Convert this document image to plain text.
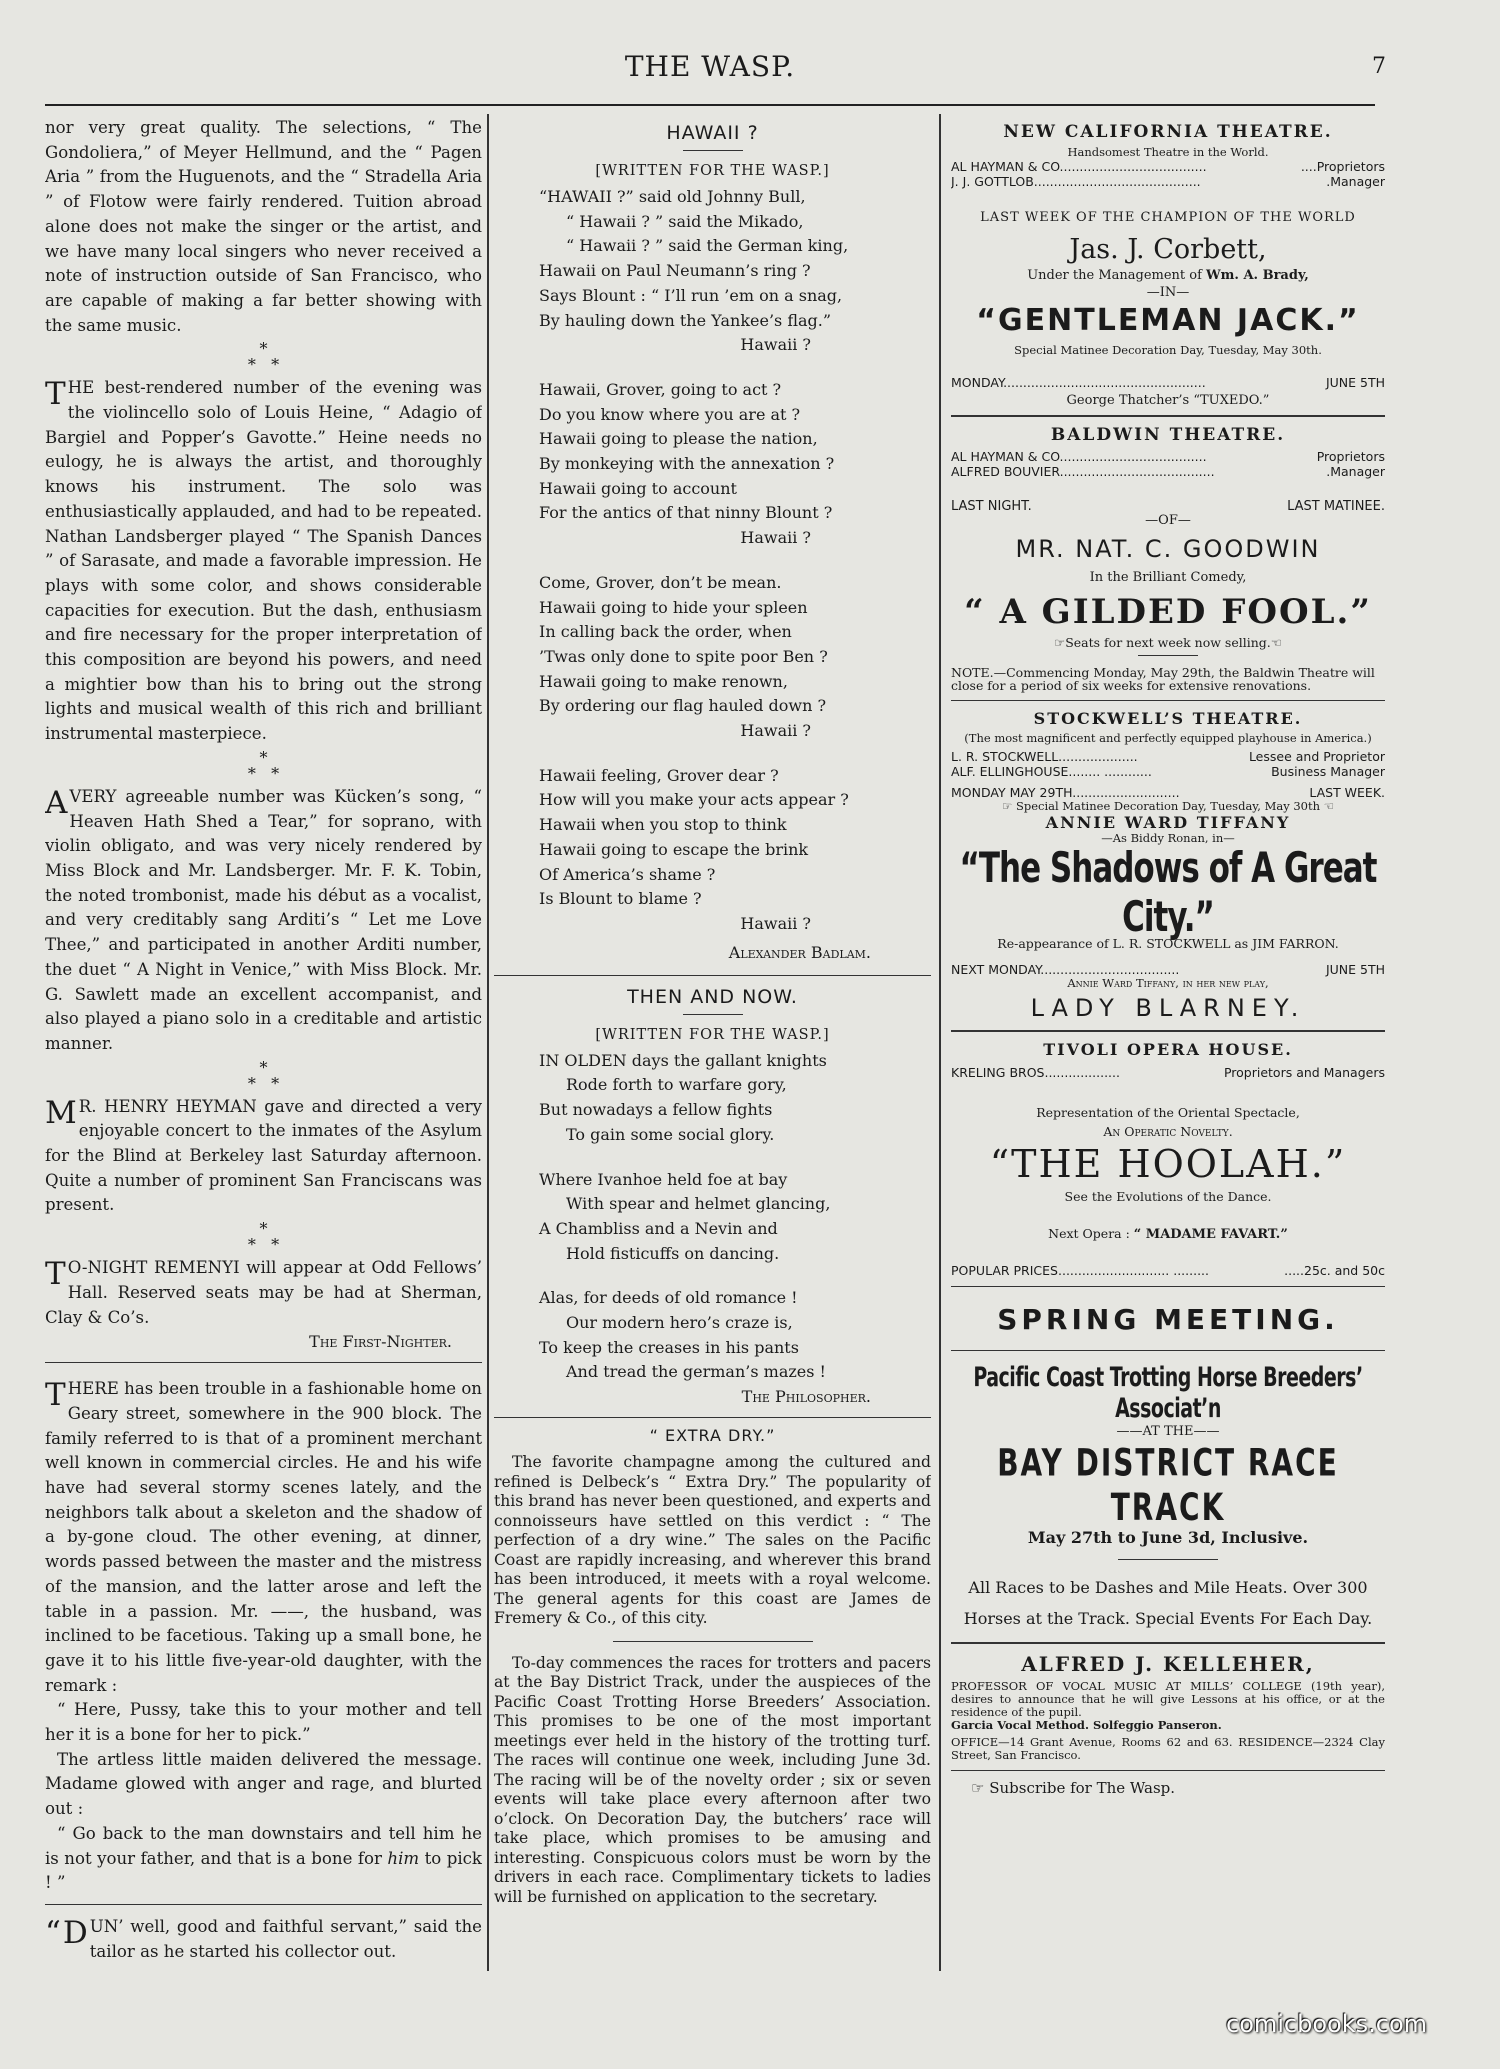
THE WASP.	7

nor very great quality. The selections, “ The Gondoliera,” of Meyer Hellmund, and the “ Pagen Aria ” from the Huguenots, and the “ Stradella Aria ” of Flotow were fairly rendered. Tuition abroad alone does not make the singer or the artist, and we have many local singers who never received a note of instruction outside of San Francisco, who are capable of making a far better showing with the same music.

*
*   *

THE best-rendered number of the evening was the violincello solo of Louis Heine, “ Adagio of Bargiel and Popper’s Gavotte.” Heine needs no eulogy, he is always the artist, and thoroughly knows his instrument. The solo was enthusiastically applauded, and had to be repeated. Nathan Landsberger played “ The Spanish Dances ” of Sarasate, and made a favorable impression. He plays with some color, and shows considerable capacities for execution. But the dash, enthusiasm and fire necessary for the proper interpretation of this composition are beyond his powers, and need a mightier bow than his to bring out the strong lights and musical wealth of this rich and brilliant instrumental masterpiece.

*
*   *

AVERY agreeable number was Kücken’s song, “ Heaven Hath Shed a Tear,” for soprano, with violin obligato, and was very nicely rendered by Miss Block and Mr. Landsberger. Mr. F. K. Tobin, the noted trombonist, made his début as a vocalist, and very creditably sang Arditi’s “ Let me Love Thee,” and participated in another Arditi number, the duet “ A Night in Venice,” with Miss Block. Mr. G. Sawlett made an excellent accompanist, and also played a piano solo in a creditable and artistic manner.

*
*   *

M R. HENRY HEYMAN gave and directed a very enjoyable concert to the inmates of the Asylum for the Blind at Berkeley last Saturday afternoon. Quite a number of prominent San Franciscans was present.

*
*   *

T O-NIGHT REMENYI will appear at Odd Fellows’ Hall. Reserved seats may be had at Sherman, Clay & Co’s.

The First-Nighter.

THERE has been trouble in a fashionable home on Geary street, somewhere in the 900 block. The family referred to is that of a prominent merchant well known in commercial circles. He and his wife have had several stormy scenes lately, and the neighbors talk about a skeleton and the shadow of a by-gone cloud. The other evening, at dinner, words passed between the master and the mistress of the mansion, and the latter arose and left the table in a passion. Mr. ——, the husband, was inclined to be facetious. Taking up a small bone, he gave it to his little five-year-old daughter, with the remark :

“ Here, Pussy, take this to your mother and tell her it is a bone for her to pick.”

The artless little maiden delivered the message. Madame glowed with anger and rage, and blurted out :

“ Go back to the man downstairs and tell him he is not your father, and that is a bone for him to pick ! ”

“ D UN’ well, good and faithful servant,” said the tailor as he started his collector out.

HAWAII ?
[WRITTEN FOR THE WASP.]
“HAWAII ?” said old Johnny Bull,
“ Hawaii ? ” said the Mikado,
“ Hawaii ? ” said the German king,
Hawaii on Paul Neumann’s ring ?
Says Blount : “ I’ll run ’em on a snag,
By hauling down the Yankee’s flag.”
Hawaii ?
Hawaii, Grover, going to act ?
Do you know where you are at ?
Hawaii going to please the nation,
By monkeying with the annexation ?
Hawaii going to account
For the antics of that ninny Blount ?
Hawaii ?
Come, Grover, don’t be mean.
Hawaii going to hide your spleen
In calling back the order, when
’Twas only done to spite poor Ben ?
Hawaii going to make renown,
By ordering our flag hauled down ?
Hawaii ?
Hawaii feeling, Grover dear ?
How will you make your acts appear ?
Hawaii when you stop to think
Hawaii going to escape the brink
Of America’s shame ?
Is Blount to blame ?
Hawaii ?
Alexander Badlam.
THEN AND NOW.
[WRITTEN FOR THE WASP.]
IN OLDEN days the gallant knights
Rode forth to warfare gory,
But nowadays a fellow fights
To gain some social glory.
Where Ivanhoe held foe at bay
With spear and helmet glancing,
A Chambliss and a Nevin and
Hold fisticuffs on dancing.
Alas, for deeds of old romance !
Our modern hero’s craze is,
To keep the creases in his pants
And tread the german’s mazes !
The Philosopher.
“ EXTRA DRY.”

The favorite champagne among the cultured and refined is Delbeck’s “ Extra Dry.” The popularity of this brand has never been questioned, and experts and connoisseurs have settled on this verdict : “ The perfection of a dry wine.” The sales on the Pacific Coast are rapidly increasing, and wherever this brand has been introduced, it meets with a royal welcome. The general agents for this coast are James de Fremery & Co., of this city.

To-day commences the races for trotters and pacers at the Bay District Track, under the auspieces of the Pacific Coast Trotting Horse Breeders’ Association. This promises to be one of the most important meetings ever held in the history of the trotting turf. The races will continue one week, including June 3d. The racing will be of the novelty order ; six or seven events will take place every afternoon after two o’clock. On Decoration Day, the butchers’ race will take place, which promises to be amusing and interesting. Conspicuous colors must be worn by the drivers in each race. Complimentary tickets to ladies will be furnished on application to the secretary.

NEW CALIFORNIA THEATRE.
Handsomest Theatre in the World.
AL HAYMAN & CO.....................................	....Proprietors
J. J. GOTTLOB..........................................	.Manager
LAST WEEK OF THE CHAMPION OF THE WORLD
Jas. J. Corbett,
Under the Management of Wm. A. Brady,
—IN—
“GENTLEMAN JACK.”
Special Matinee Decoration Day, Tuesday, May 30th.
MONDAY...................................................	JUNE 5TH
George Thatcher’s “TUXEDO.”
BALDWIN THEATRE.
AL HAYMAN & CO.....................................	Proprietors
ALFRED BOUVIER.......................................	.Manager
LAST NIGHT.	LAST MATINEE.
—OF—
MR. NAT. C. GOODWIN
In the Brilliant Comedy,
“ A GILDED FOOL.”
☞Seats for next week now selling.☜
NOTE.—Commencing Monday, May 29th, the Baldwin Theatre will close for a period of six weeks for extensive renovations.
STOCKWELL’S THEATRE.
(The most magnificent and perfectly equipped playhouse in America.)
L. R. STOCKWELL....................	Lessee and Proprietor
ALF. ELLINGHOUSE........ ............	Business Manager
MONDAY MAY 29TH...........................	LAST WEEK.
☞ Special Matinee Decoration Day, Tuesday, May 30th ☜
ANNIE WARD TIFFANY
—As Biddy Ronan, in—
“The Shadows of A Great City.”
Re-appearance of L. R. STOCKWELL as JIM FARRON.
NEXT MONDAY...................................	JUNE 5TH
Annie Ward Tiffany, in her new play,
LADY BLARNEY.
TIVOLI OPERA HOUSE.
KRELING BROS...................	Proprietors and Managers
Representation of the Oriental Spectacle,
An Operatic Novelty.
“THE HOOLAH.”
See the Evolutions of the Dance.
Next Opera : “ MADAME FAVART.”
POPULAR PRICES............................ .........	.....25c. and 50c
SPRING MEETING.
Pacific Coast Trotting Horse Breeders’ Associat’n
——AT THE——
BAY DISTRICT RACE TRACK
May 27th to June 3d, Inclusive.
All Races to be Dashes and Mile Heats. Over 300 Horses at the Track. Special Events For Each Day.
ALFRED J. KELLEHER,
PROFESSOR OF VOCAL MUSIC AT MILLS’ COLLEGE (19th year), desires to announce that he will give Lessons at his office, or at the residence of the pupil.
Garcia Vocal Method. Solfeggio Panseron.
OFFICE—14 Grant Avenue, Rooms 62 and 63. RESIDENCE—2324 Clay Street, San Francisco.
☞ Subscribe for The Wasp.
comicbooks.com
